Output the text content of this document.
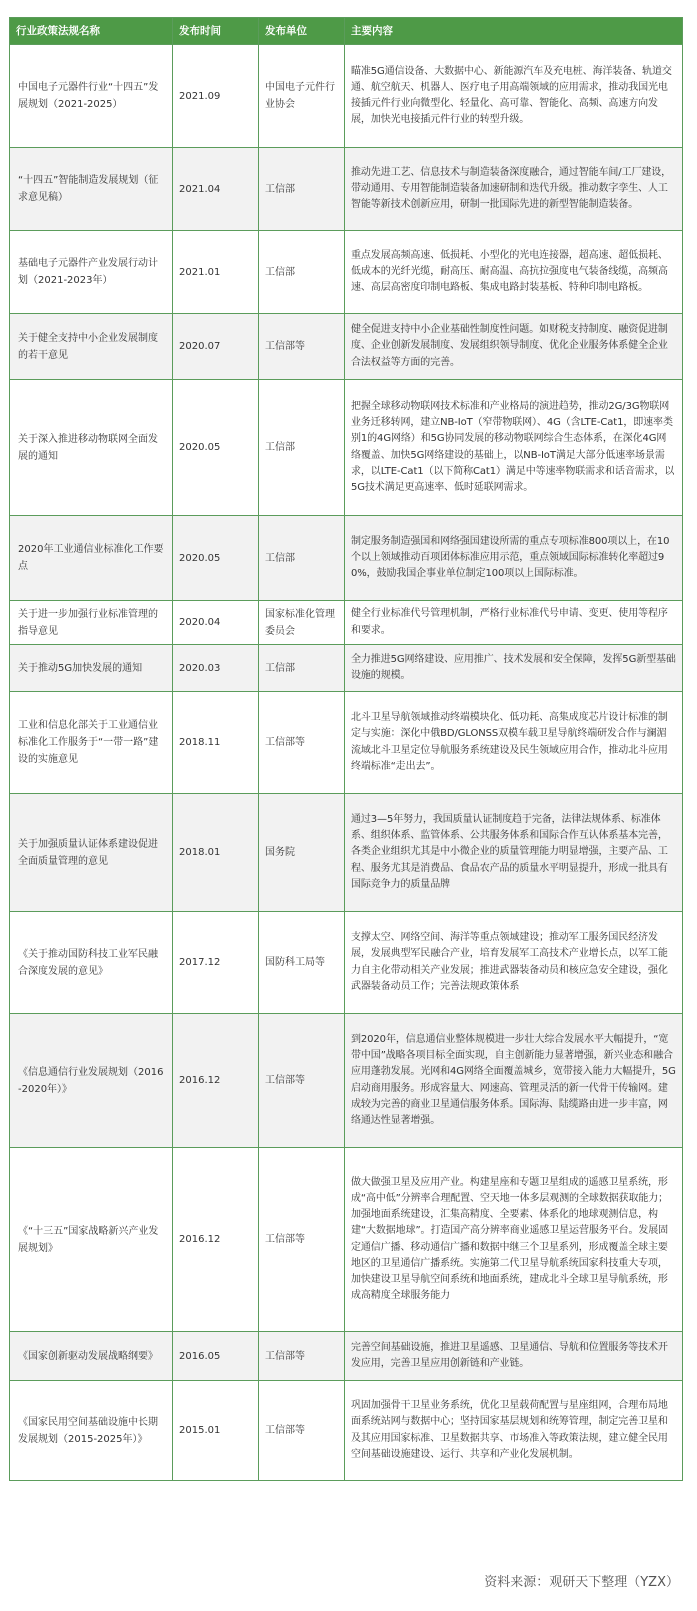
行业政策法规名称	发布时间	发布单位	主要内容
中国电子元器件行业“十四五”发展规划（2021-2025）	2021.09	中国电子元件行业协会	瞄准5G通信设备、大数据中心、新能源汽车及充电桩、海洋装备、轨道交通、航空航天、机器人、医疗电子用高端领域的应用需求，推动我国光电接插元件行业向微型化、轻量化、高可靠、智能化、高频、高速方向发展，加快光电接插元件行业的转型升级。
“十四五”智能制造发展规划（征求意见稿）	2021.04	工信部	推动先进工艺、信息技术与制造装备深度融合，通过智能车间/工厂建设，带动通用、专用智能制造装备加速研制和迭代升级。推动数字孪生、人工智能等新技术创新应用，研制一批国际先进的新型智能制造装备。
基础电子元器件产业发展行动计划（2021-2023年）	2021.01	工信部	重点发展高频高速、低损耗、小型化的光电连接器，超高速、超低损耗、低成本的光纤光缆，耐高压、耐高温、高抗拉强度电气装备线缆，高频高速、高层高密度印制电路板、集成电路封装基板、特种印制电路板。
关于健全支持中小企业发展制度的若干意见	2020.07	工信部等	健全促进支持中小企业基础性制度性问题。如财税支持制度、融资促进制度、企业创新发展制度、发展组织领导制度、优化企业服务体系健全企业合法权益等方面的完善。
关于深入推进移动物联网全面发展的通知	2020.05	工信部	把握全球移动物联网技术标准和产业格局的演进趋势，推动2G/3G物联网业务迁移转网，建立NB-IoT（窄带物联网）、4G（含LTE-Cat1，即速率类别1的4G网络）和5G协同发展的移动物联网综合生态体系，在深化4G网络覆盖、加快5G网络建设的基础上，以NB-IoT满足大部分低速率场景需求，以LTE-Cat1（以下简称Cat1）满足中等速率物联需求和话音需求，以5G技术满足更高速率、低时延联网需求。
2020年工业通信业标准化工作要点	2020.05	工信部	制定服务制造强国和网络强国建设所需的重点专项标准800项以上，在10个以上领域推动百项团体标准应用示范，重点领域国际标准转化率超过90%，鼓励我国企事业单位制定100项以上国际标准。
关于进一步加强行业标准管理的指导意见	2020.04	国家标准化管理委员会	健全行业标准代号管理机制，严格行业标准代号申请、变更、使用等程序和要求。
关于推动5G加快发展的通知	2020.03	工信部	全力推进5G网络建设、应用推广、技术发展和安全保障，发挥5G新型基础设施的规模。
工业和信息化部关于工业通信业标准化工作服务于“一带一路”建设的实施意见	2018.11	工信部等	北斗卫星导航领域推动终端模块化、低功耗、高集成度芯片设计标准的制定与实施：深化中俄BD/GLONSS双模车载卫星导航终端研发合作与澜湄流域北斗卫星定位导航服务系统建设及民生领域应用合作，推动北斗应用终端标准“走出去”。
关于加强质量认证体系建设促进全面质量管理的意见	2018.01	国务院	通过3—5年努力，我国质量认证制度趋于完备，法律法规体系、标准体系、组织体系、监管体系、公共服务体系和国际合作互认体系基本完善，各类企业组织尤其是中小微企业的质量管理能力明显增强，主要产品、工程、服务尤其是消费品、食品农产品的质量水平明显提升，形成一批具有国际竞争力的质量品牌
《关于推动国防科技工业军民融合深度发展的意见》	2017.12	国防科工局等	支撑太空、网络空间、海洋等重点领域建设；推动军工服务国民经济发展，发展典型军民融合产业，培育发展军工高技术产业增长点，以军工能力自主化带动相关产业发展；推进武器装备动员和核应急安全建设，强化武器装备动员工作；完善法规政策体系
《信息通信行业发展规划（2016-2020年）》	2016.12	工信部等	到2020年，信息通信业整体规模进一步壮大综合发展水平大幅提升，“宽带中国”战略各项目标全面实现，自主创新能力显著增强，新兴业态和融合应用蓬勃发展。光网和4G网络全面覆盖城乡，宽带接入能力大幅提升，5G启动商用服务。形成容量大、网速高、管理灵活的新一代骨干传输网。建成较为完善的商业卫星通信服务体系。国际海、陆缆路由进一步丰富，网络通达性显著增强。
《“十三五”国家战略新兴产业发展规划》	2016.12	工信部等	做大做强卫星及应用产业。构建星座和专题卫星组成的遥感卫星系统，形成“高中低”分辨率合理配置、空天地一体多层观测的全球数据获取能力；加强地面系统建设，汇集高精度、全要素、体系化的地球观测信息，构建“大数据地球”。打造国产高分辨率商业遥感卫星运营服务平台。发展固定通信广播、移动通信广播和数据中继三个卫星系列，形成覆盖全球主要地区的卫星通信广播系统。实施第二代卫星导航系统国家科技重大专项，加快建设卫星导航空间系统和地面系统，建成北斗全球卫星导航系统，形成高精度全球服务能力
《国家创新驱动发展战略纲要》	2016.05	工信部等	完善空间基础设施，推进卫星遥感、卫星通信、导航和位置服务等技术开发应用，完善卫星应用创新链和产业链。
《国家民用空间基础设施中长期发展规划（2015-2025年）》	2015.01	工信部等	巩固加强骨干卫星业务系统，优化卫星载荷配置与星座组网，合理布局地面系统站网与数据中心；坚持国家基层规划和统筹管理，制定完善卫星和及其应用国家标准、卫星数据共享、市场准入等政策法规，建立健全民用空间基础设施建设、运行、共享和产业化发展机制。
资料来源：观研天下整理（YZX）
